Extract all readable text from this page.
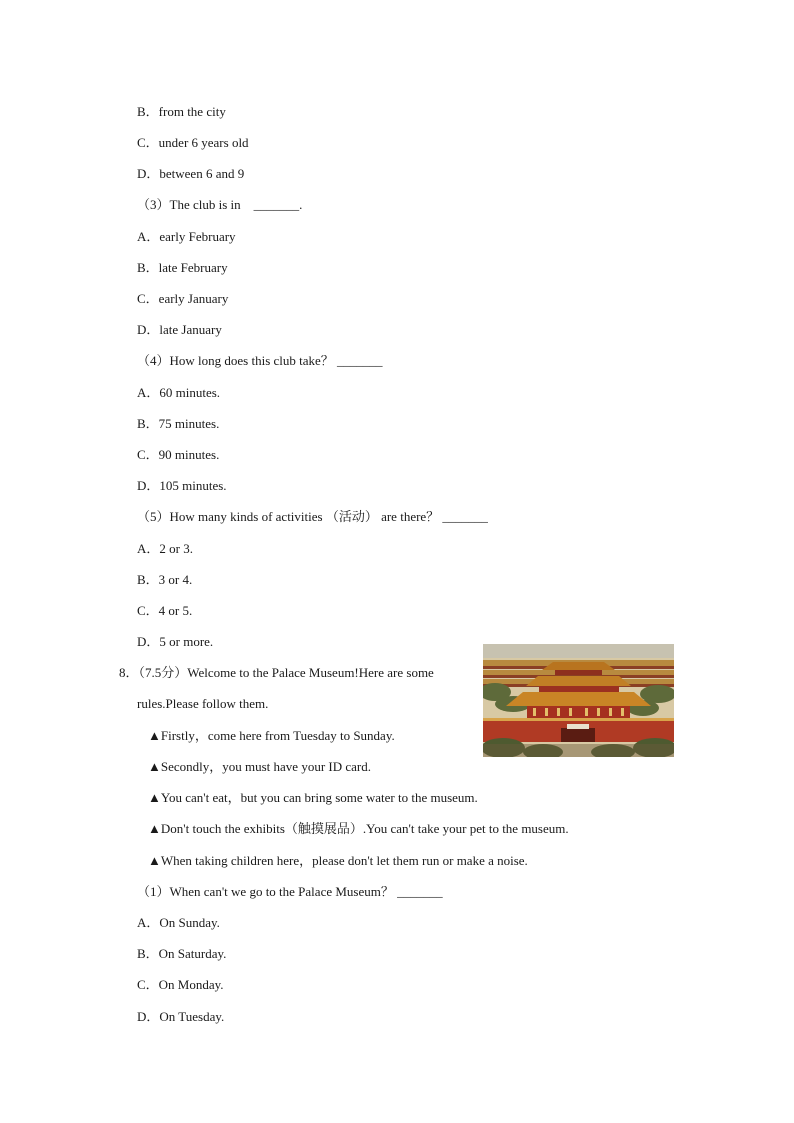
B．from the city
C．under 6 years old
D．between 6 and 9
（3）The club is in　_______.
A．early February
B．late February
C．early January
D．late January
（4）How long does this club take？ _______
A．60 minutes.
B．75 minutes.
C．90 minutes.
D．105 minutes.
（5）How many kinds of activities （活动） are there？ _______
A．2 or 3.
B．3 or 4.
C．4 or 5.
D．5 or more.
8．（7.5分）Welcome to the Palace Museum!Here are some
rules.Please follow them.
▲Firstly，come here from Tuesday to Sunday.
▲Secondly，you must have your ID card.
▲You can't eat，but you can bring some water to the museum.
▲Don't touch the exhibits（触摸展品）.You can't take your pet to the museum.
▲When taking children here，please don't let them run or make a noise.
（1）When can't we go to the Palace Museum？ _______
A．On Sunday.
B．On Saturday.
C．On Monday.
D．On Tuesday.
